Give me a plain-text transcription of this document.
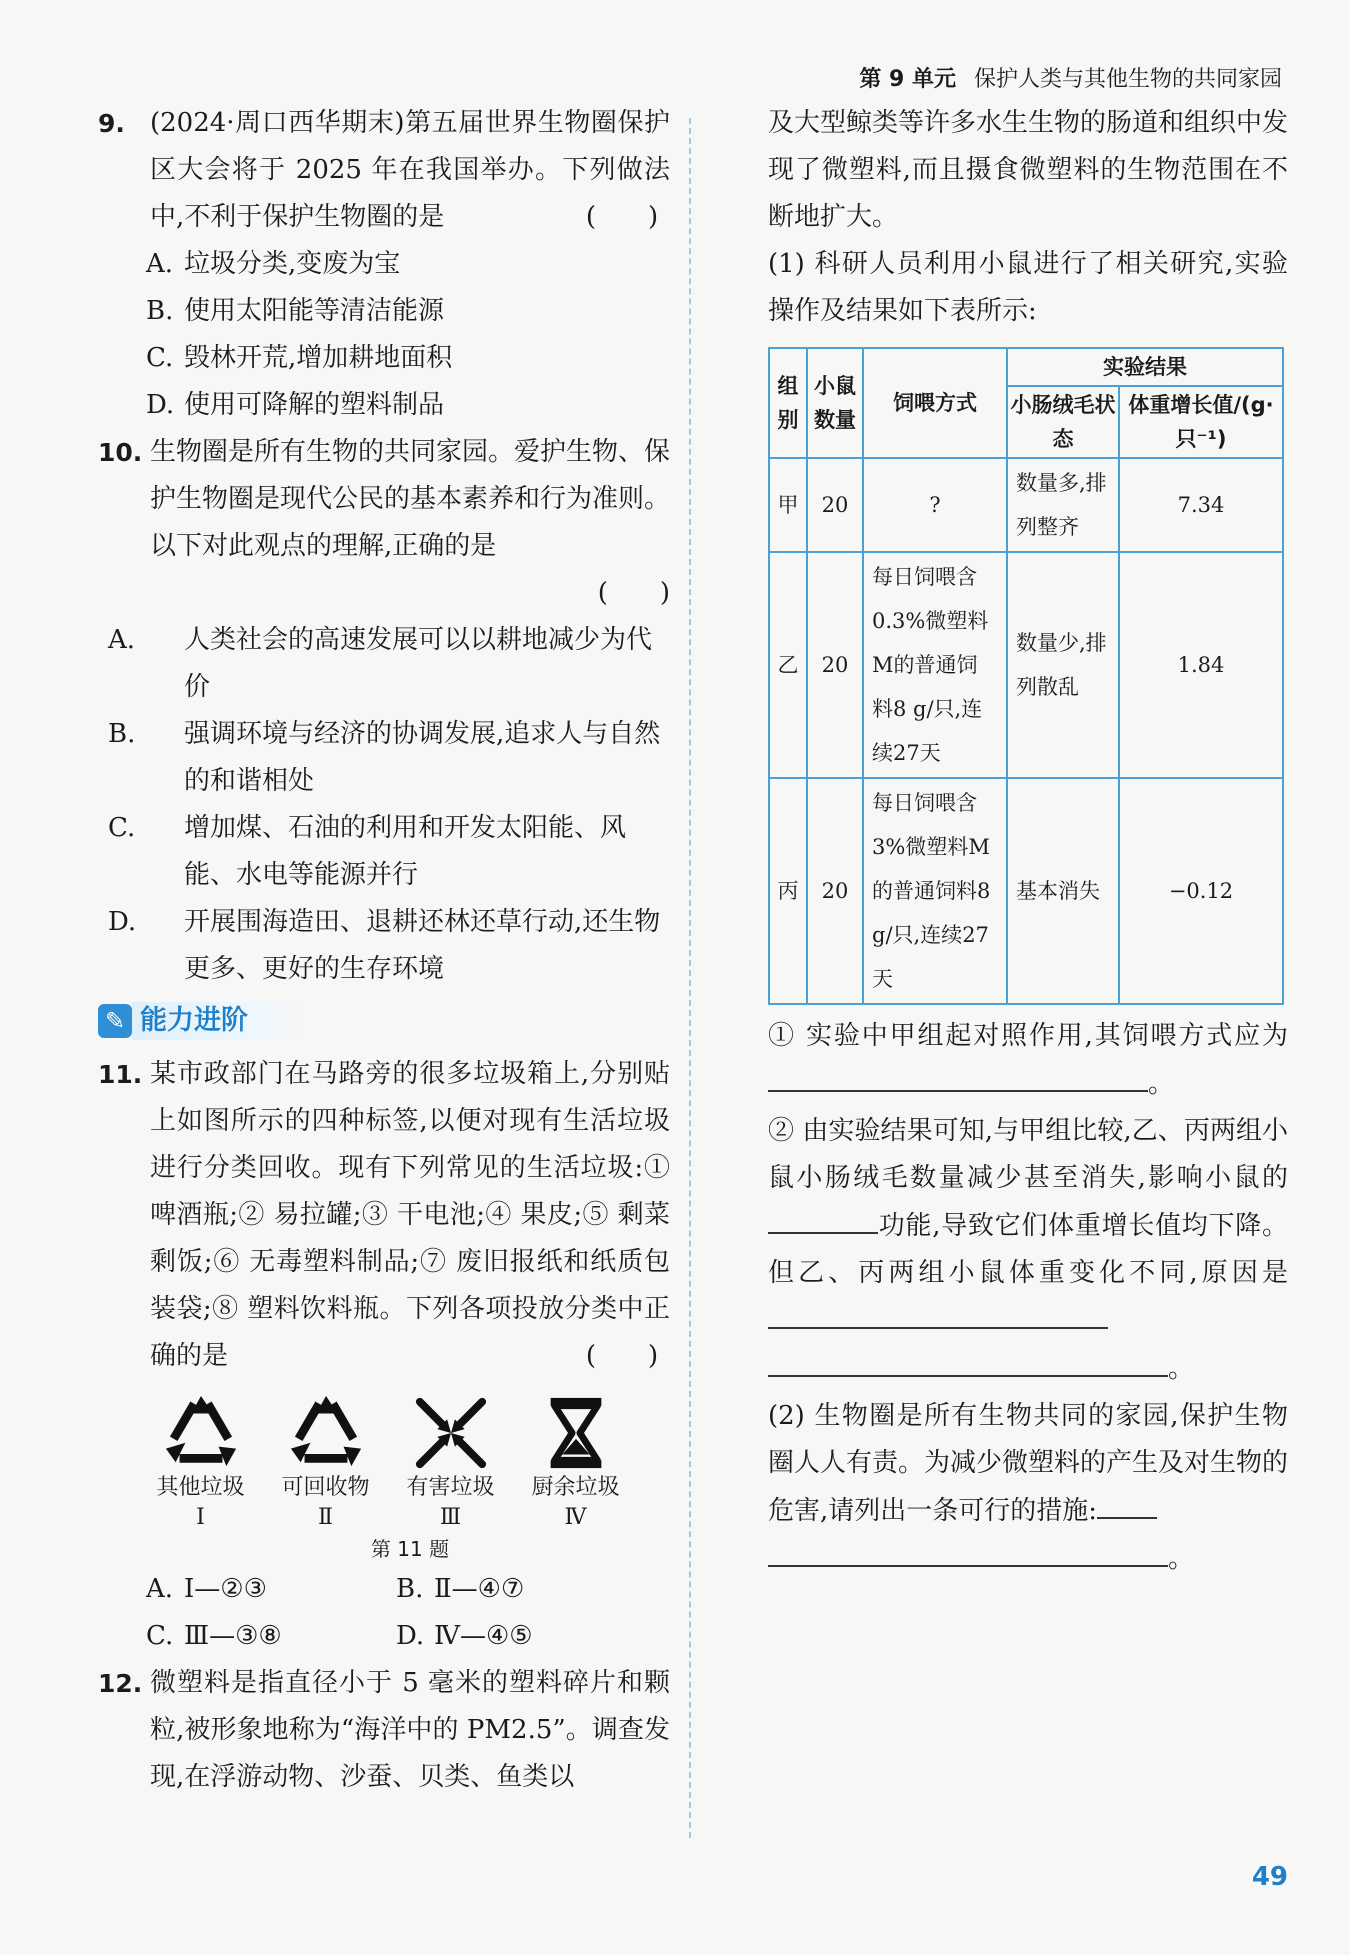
第 9 单元 保护人类与其他生物的共同家园
9. (2024·周口西华期末)第五届世界生物圈保护区大会将于 2025 年在我国举办。下列做法中,不利于保护生物圈的是	(　　)
A. 垃圾分类,变废为宝
B. 使用太阳能等清洁能源
C. 毁林开荒,增加耕地面积
D. 使用可降解的塑料制品
10. 生物圈是所有生物的共同家园。爱护生物、保护生物圈是现代公民的基本素养和行为准则。以下对此观点的理解,正确的是
(　　)
A. 人类社会的高速发展可以以耕地减少为代价
B. 强调环境与经济的协调发展,追求人与自然的和谐相处
C. 增加煤、石油的利用和开发太阳能、风能、水电等能源并行
D. 开展围海造田、退耕还林还草行动,还生物更多、更好的生存环境
✎ 能力进阶
11. 某市政部门在马路旁的很多垃圾箱上,分别贴上如图所示的四种标签,以便对现有生活垃圾进行分类回收。现有下列常见的生活垃圾:① 啤酒瓶;② 易拉罐;③ 干电池;④ 果皮;⑤ 剩菜剩饭;⑥ 无毒塑料制品;⑦ 废旧报纸和纸质包装袋;⑧ 塑料饮料瓶。下列各项投放分类中正确的是	(　　)
其他垃圾
Ⅰ
可回收物
Ⅱ
有害垃圾
Ⅲ
厨余垃圾
Ⅳ
第 11 题
A. Ⅰ—②③	B. Ⅱ—④⑦
C. Ⅲ—③⑧	D. Ⅳ—④⑤
12. 微塑料是指直径小于 5 毫米的塑料碎片和颗粒,被形象地称为“海洋中的 PM2.5”。调查发现,在浮游动物、沙蚕、贝类、鱼类以
及大型鲸类等许多水生生物的肠道和组织中发现了微塑料,而且摄食微塑料的生物范围在不断地扩大。
(1) 科研人员利用小鼠进行了相关研究,实验操作及结果如下表所示:
组别	小鼠数量	饲喂方式	实验结果	
			小肠绒毛状态	体重增长值/(g·只⁻¹)
甲	20	?	数量多,排列整齐	7.34
乙	20	每日饲喂含0.3%微塑料M的普通饲料8 g/只,连续27天	数量少,排列散乱	1.84
丙	20	每日饲喂含3%微塑料M的普通饲料8 g/只,连续27天	基本消失	−0.12
① 实验中甲组起对照作用,其饲喂方式应为。
② 由实验结果可知,与甲组比较,乙、丙两组小鼠小肠绒毛数量减少甚至消失,影响小鼠的功能,导致它们体重增长值均下降。但乙、丙两组小鼠体重变化不同,原因是
。
(2) 生物圈是所有生物共同的家园,保护生物圈人人有责。为减少微塑料的产生及对生物的危害,请列出一条可行的措施:
。
49
